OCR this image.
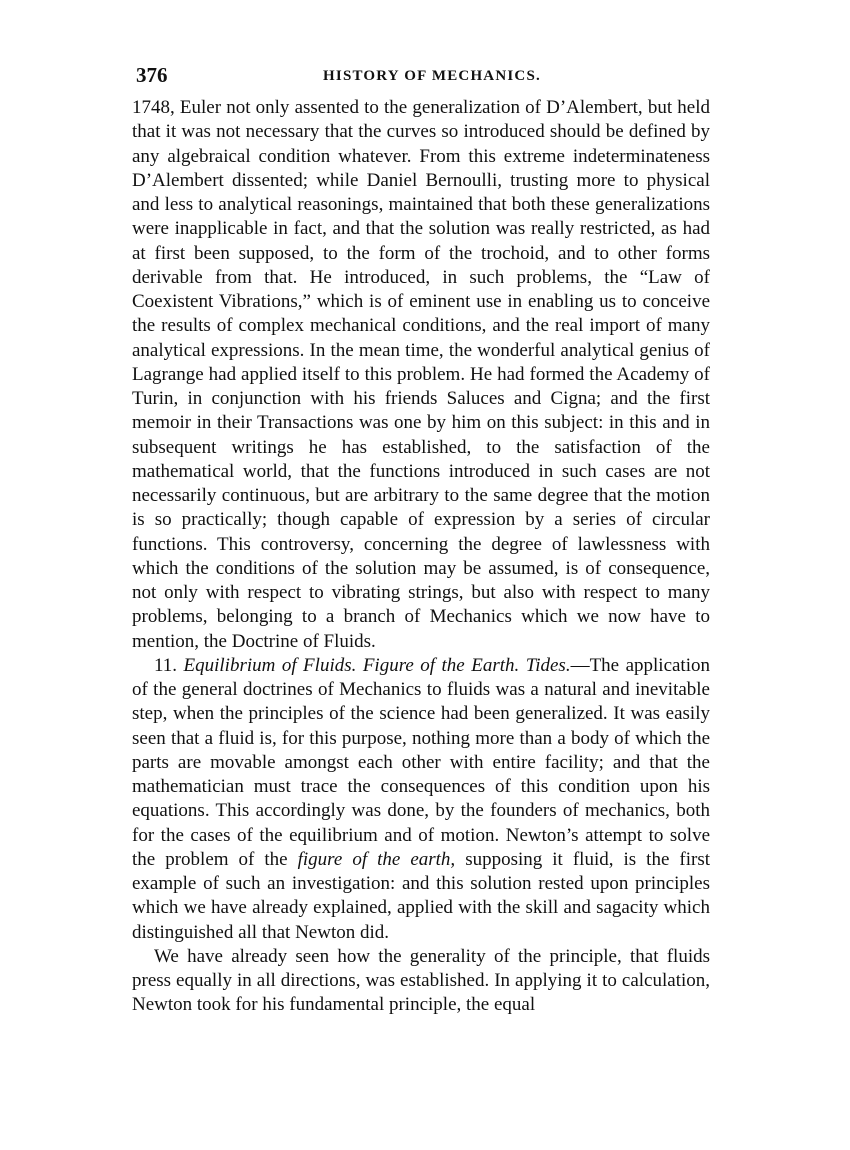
376	HISTORY OF MECHANICS.

1748, Euler not only assented to the generalization of D’Alembert, but held that it was not necessary that the curves so introduced should be defined by any algebraical condition whatever. From this extreme indeterminateness D’Alembert dissented; while Daniel Bernoulli, trusting more to physical and less to analytical reasonings, maintained that both these generalizations were inapplicable in fact, and that the solution was really restricted, as had at first been supposed, to the form of the trochoid, and to other forms derivable from that. He introduced, in such problems, the “Law of Coexistent Vibrations,” which is of eminent use in enabling us to conceive the results of complex mechanical conditions, and the real import of many analytical expressions. In the mean time, the wonderful analytical genius of Lagrange had applied itself to this problem. He had formed the Academy of Turin, in conjunction with his friends Saluces and Cigna; and the first memoir in their Transactions was one by him on this subject: in this and in subsequent writings he has established, to the satisfaction of the mathematical world, that the functions introduced in such cases are not necessarily continuous, but are arbitrary to the same degree that the motion is so practically; though capable of expression by a series of circular functions. This controversy, concerning the degree of lawlessness with which the conditions of the solution may be assumed, is of consequence, not only with respect to vibrating strings, but also with respect to many problems, belonging to a branch of Mechanics which we now have to mention, the Doctrine of Fluids.

11. Equilibrium of Fluids. Figure of the Earth. Tides.—The application of the general doctrines of Mechanics to fluids was a natural and inevitable step, when the principles of the science had been generalized. It was easily seen that a fluid is, for this purpose, nothing more than a body of which the parts are movable amongst each other with entire facility; and that the mathematician must trace the consequences of this condition upon his equations. This accordingly was done, by the founders of mechanics, both for the cases of the equilibrium and of motion. Newton’s attempt to solve the problem of the figure of the earth, supposing it fluid, is the first example of such an investigation: and this solution rested upon principles which we have already explained, applied with the skill and sagacity which distinguished all that Newton did.

We have already seen how the generality of the principle, that fluids press equally in all directions, was established. In applying it to calculation, Newton took for his fundamental principle, the equal
